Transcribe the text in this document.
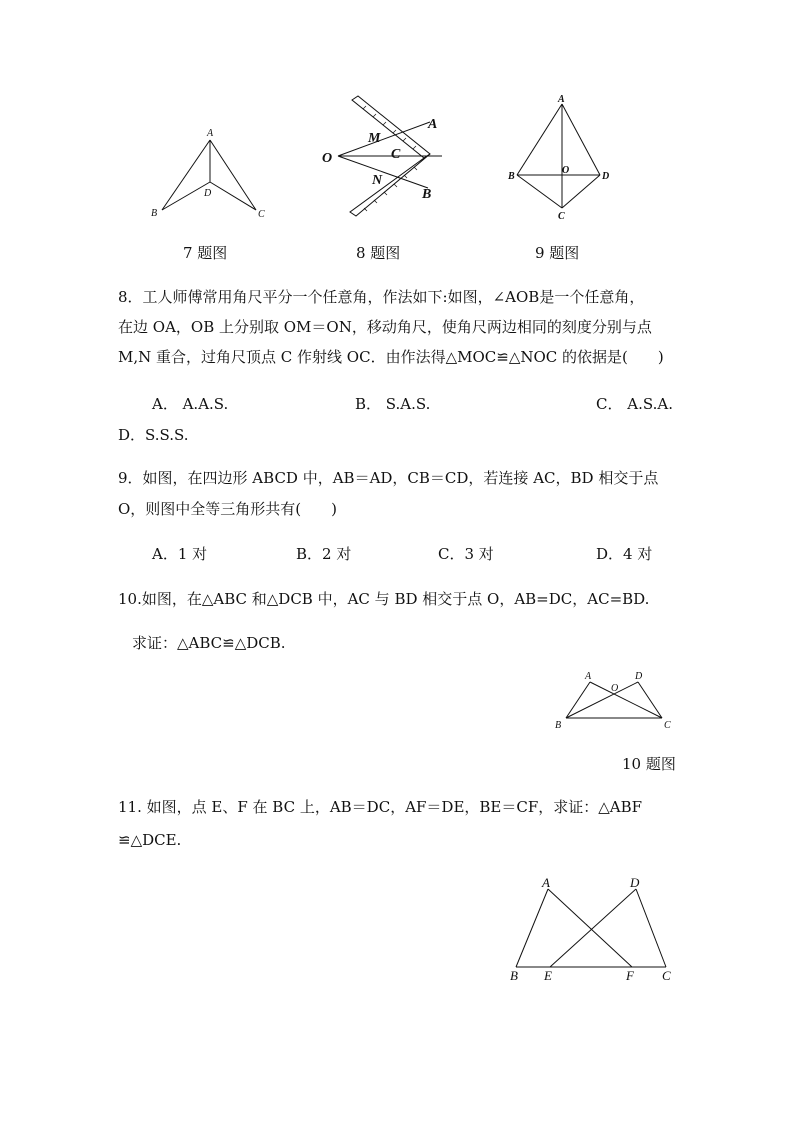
A
B	C
D
7 题图
O
M
C
A
N
B
8 题图
A
B
O
D
C
9 题图
8．工人师傅常用角尺平分一个任意角，作法如下:如图，∠AOB是一个任意角，
在边 OA，OB 上分别取 OM＝ON，移动角尺，使角尺两边相同的刻度分别与点
M,N 重合，过角尺顶点 C 作射线 OC．由作法得△MOC≌△NOC 的依据是(　　)
A． A.A.S.	B． S.A.S.	C． A.S.A.
D．S.S.S.
9．如图，在四边形 ABCD 中，AB＝AD，CB＝CD，若连接 AC，BD 相交于点
O，则图中全等三角形共有(　　)
A．1 对	B．2 对	C．3 对	D．4 对
10.如图，在△ABC 和△DCB 中，AC 与 BD 相交于点 O，AB=DC，AC=BD.
求证：△ABC≌△DCB.
A	D
O
B	C
10 题图
11. 如图，点 E、F 在 BC 上，AB＝DC，AF＝DE，BE＝CF，求证：△ABF
≌△DCE.
A	D
B E	F C
